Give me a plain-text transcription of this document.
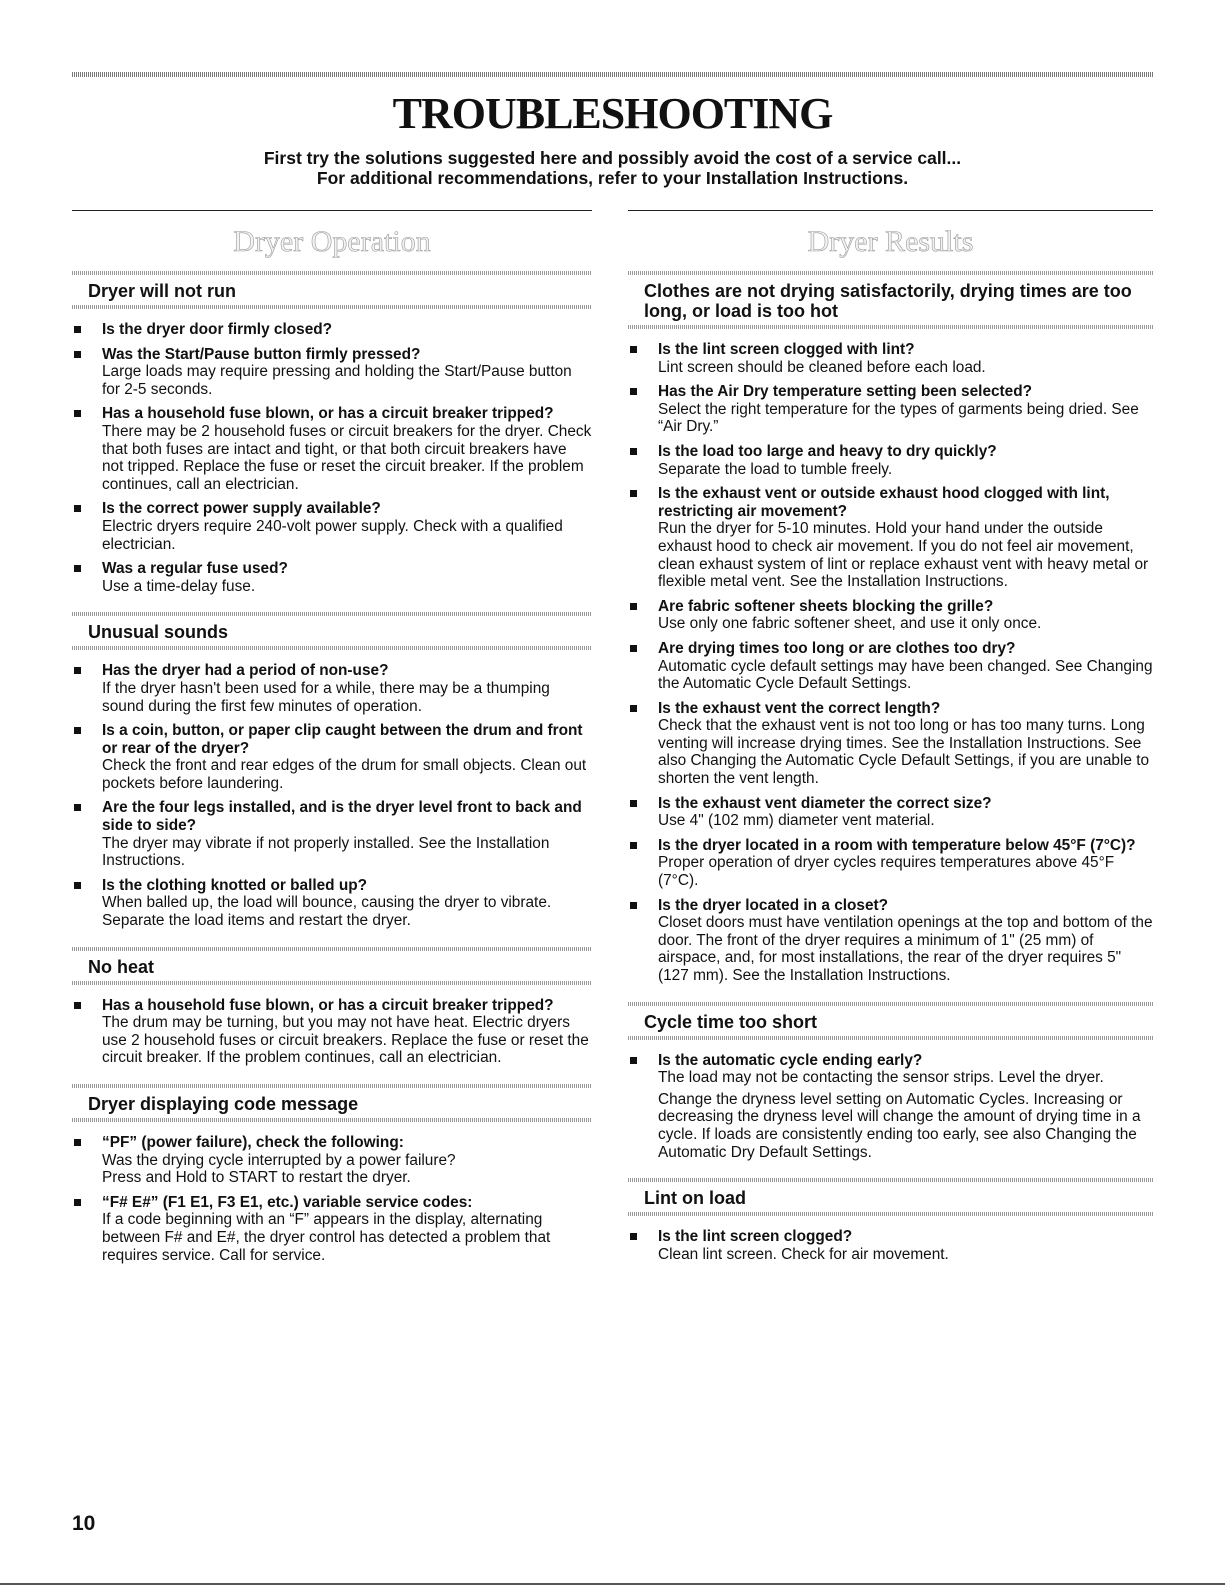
TROUBLESHOOTING
First try the solutions suggested here and possibly avoid the cost of a service call...
For additional recommendations, refer to your Installation Instructions.
Dryer Operation
Dryer will not run
Is the dryer door firmly closed?
Was the Start/Pause button firmly pressed?
Large loads may require pressing and holding the Start/Pause button for 2-5 seconds.
Has a household fuse blown, or has a circuit breaker tripped?
There may be 2 household fuses or circuit breakers for the dryer. Check that both fuses are intact and tight, or that both circuit breakers have not tripped. Replace the fuse or reset the circuit breaker. If the problem continues, call an electrician.
Is the correct power supply available?
Electric dryers require 240-volt power supply. Check with a qualified electrician.
Was a regular fuse used?
Use a time-delay fuse.
Unusual sounds
Has the dryer had a period of non-use?
If the dryer hasn't been used for a while, there may be a thumping sound during the first few minutes of operation.
Is a coin, button, or paper clip caught between the drum and front or rear of the dryer?
Check the front and rear edges of the drum for small objects. Clean out pockets before laundering.
Are the four legs installed, and is the dryer level front to back and side to side?
The dryer may vibrate if not properly installed. See the Installation Instructions.
Is the clothing knotted or balled up?
When balled up, the load will bounce, causing the dryer to vibrate. Separate the load items and restart the dryer.
No heat
Has a household fuse blown, or has a circuit breaker tripped?
The drum may be turning, but you may not have heat. Electric dryers use 2 household fuses or circuit breakers. Replace the fuse or reset the circuit breaker. If the problem continues, call an electrician.
Dryer displaying code message
“PF” (power failure), check the following:
Was the drying cycle interrupted by a power failure?
Press and Hold to START to restart the dryer.
“F# E#” (F1 E1, F3 E1, etc.) variable service codes:
If a code beginning with an “F” appears in the display, alternating between F# and E#, the dryer control has detected a problem that requires service. Call for service.
Dryer Results
Clothes are not drying satisfactorily, drying times are too long, or load is too hot
Is the lint screen clogged with lint?
Lint screen should be cleaned before each load.
Has the Air Dry temperature setting been selected?
Select the right temperature for the types of garments being dried. See “Air Dry.”
Is the load too large and heavy to dry quickly?
Separate the load to tumble freely.
Is the exhaust vent or outside exhaust hood clogged with lint, restricting air movement?
Run the dryer for 5-10 minutes. Hold your hand under the outside exhaust hood to check air movement. If you do not feel air movement, clean exhaust system of lint or replace exhaust vent with heavy metal or flexible metal vent. See the Installation Instructions.
Are fabric softener sheets blocking the grille?
Use only one fabric softener sheet, and use it only once.
Are drying times too long or are clothes too dry?
Automatic cycle default settings may have been changed. See Changing the Automatic Cycle Default Settings.
Is the exhaust vent the correct length?
Check that the exhaust vent is not too long or has too many turns. Long venting will increase drying times. See the Installation Instructions. See also Changing the Automatic Cycle Default Settings, if you are unable to shorten the vent length.
Is the exhaust vent diameter the correct size?
Use 4" (102 mm) diameter vent material.
Is the dryer located in a room with temperature below 45°F (7°C)?
Proper operation of dryer cycles requires temperatures above 45°F (7°C).
Is the dryer located in a closet?
Closet doors must have ventilation openings at the top and bottom of the door. The front of the dryer requires a minimum of 1" (25 mm) of airspace, and, for most installations, the rear of the dryer requires 5" (127 mm). See the Installation Instructions.
Cycle time too short
Is the automatic cycle ending early?
The load may not be contacting the sensor strips. Level the dryer.
Change the dryness level setting on Automatic Cycles. Increasing or decreasing the dryness level will change the amount of drying time in a cycle. If loads are consistently ending too early, see also Changing the Automatic Dry Default Settings.
Lint on load
Is the lint screen clogged?
Clean lint screen. Check for air movement.
10
